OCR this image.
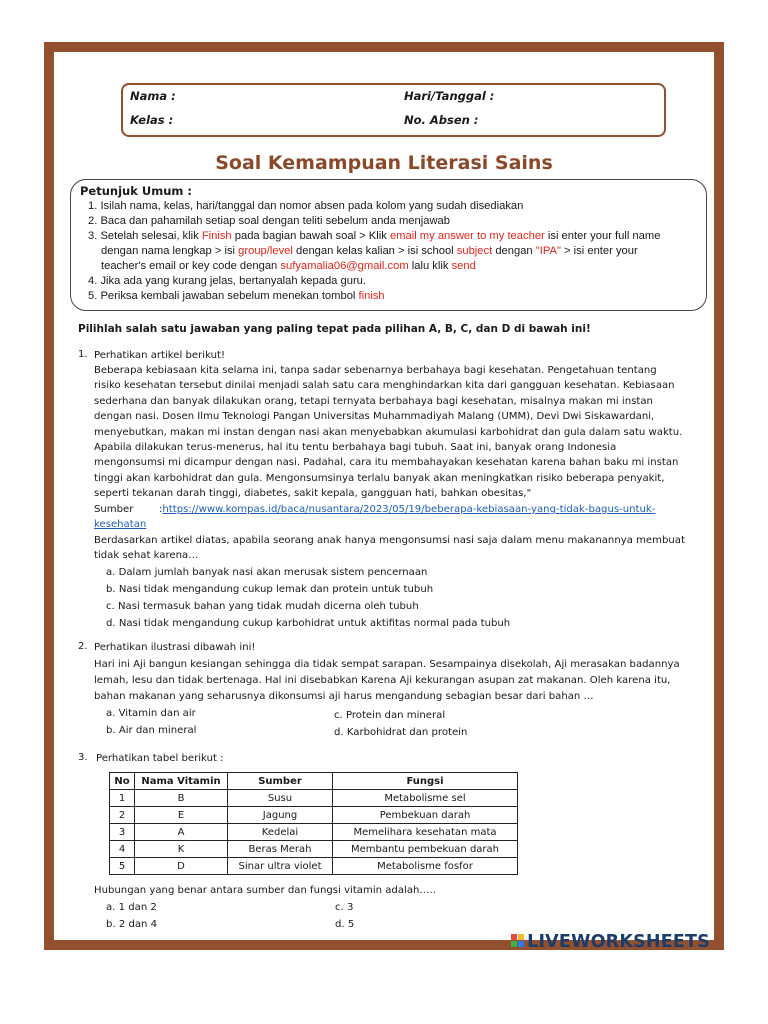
Nama :
Kelas :
Hari/Tanggal :
No. Absen :
Soal Kemampuan Literasi Sains
Petunjuk Umum :
1. Isilah nama, kelas, hari/tanggal dan nomor absen pada kolom yang sudah disediakan
2. Baca dan pahamilah setiap soal dengan teliti sebelum anda menjawab
3. Setelah selesai, klik Finish pada bagian bawah soal > Klik email my answer to my teacher isi enter your full name
dengan nama lengkap > isi group/level dengan kelas kalian > isi school subject dengan "IPA" > isi enter your
teacher's email or key code dengan sufyamalia06@gmail.com lalu klik send
4. Jika ada yang kurang jelas, bertanyalah kepada guru.
5. Periksa kembali jawaban sebelum menekan tombol finish
Pilihlah salah satu jawaban yang paling tepat pada pilihan A, B, C, dan D di bawah ini!
1. Perhatikan artikel berikut!
Beberapa kebiasaan kita selama ini, tanpa sadar sebenarnya berbahaya bagi kesehatan. Pengetahuan tentang
risiko kesehatan tersebut dinilai menjadi salah satu cara menghindarkan kita dari gangguan kesehatan. Kebiasaan
sederhana dan banyak dilakukan orang, tetapi ternyata berbahaya bagi kesehatan, misalnya makan mi instan
dengan nasi. Dosen Ilmu Teknologi Pangan Universitas Muhammadiyah Malang (UMM), Devi Dwi Siskawardani,
menyebutkan, makan mi instan dengan nasi akan menyebabkan akumulasi karbohidrat dan gula dalam satu waktu.
Apabila dilakukan terus-menerus, hal itu tentu berbahaya bagi tubuh. Saat ini, banyak orang Indonesia
mengonsumsi mi dicampur dengan nasi. Padahal, cara itu membahayakan kesehatan karena bahan baku mi instan
tinggi akan karbohidrat dan gula. Mengonsumsinya terlalu banyak akan meningkatkan risiko beberapa penyakit,
seperti tekanan darah tinggi, diabetes, sakit kepala, gangguan hati, bahkan obesitas,"
Sumber	:https://www.kompas.id/baca/nusantara/2023/05/19/beberapa-kebiasaan-yang-tidak-bagus-untuk-
kesehatan
Berdasarkan artikel diatas, apabila seorang anak hanya mengonsumsi nasi saja dalam menu makanannya membuat
tidak sehat karena…
a. Dalam jumlah banyak nasi akan merusak sistem pencernaan
b. Nasi tidak mengandung cukup lemak dan protein untuk tubuh
c. Nasi termasuk bahan yang tidak mudah dicerna oleh tubuh
d. Nasi tidak mengandung cukup karbohidrat untuk aktifitas normal pada tubuh
2. Perhatikan ilustrasi dibawah ini!
Hari ini Aji bangun kesiangan sehingga dia tidak sempat sarapan. Sesampainya disekolah, Aji merasakan badannya
lemah, lesu dan tidak bertenaga. Hal ini disebabkan Karena Aji kekurangan asupan zat makanan. Oleh karena itu,
bahan makanan yang seharusnya dikonsumsi aji harus mengandung sebagian besar dari bahan …
a. Vitamin dan air
b. Air dan mineral
c. Protein dan mineral
d. Karbohidrat dan protein
3. Perhatikan tabel berikut :
No	Nama Vitamin	Sumber	Fungsi
1	B	Susu	Metabolisme sel
2	E	Jagung	Pembekuan darah
3	A	Kedelai	Memelihara kesehatan mata
4	K	Beras Merah	Membantu pembekuan darah
5	D	Sinar ultra violet	Metabolisme fosfor
Hubungan yang benar antara sumber dan fungsi vitamin adalah…..
a. 1 dan 2
b. 2 dan 4
c. 3
d. 5
LIVEWORKSHEETS
